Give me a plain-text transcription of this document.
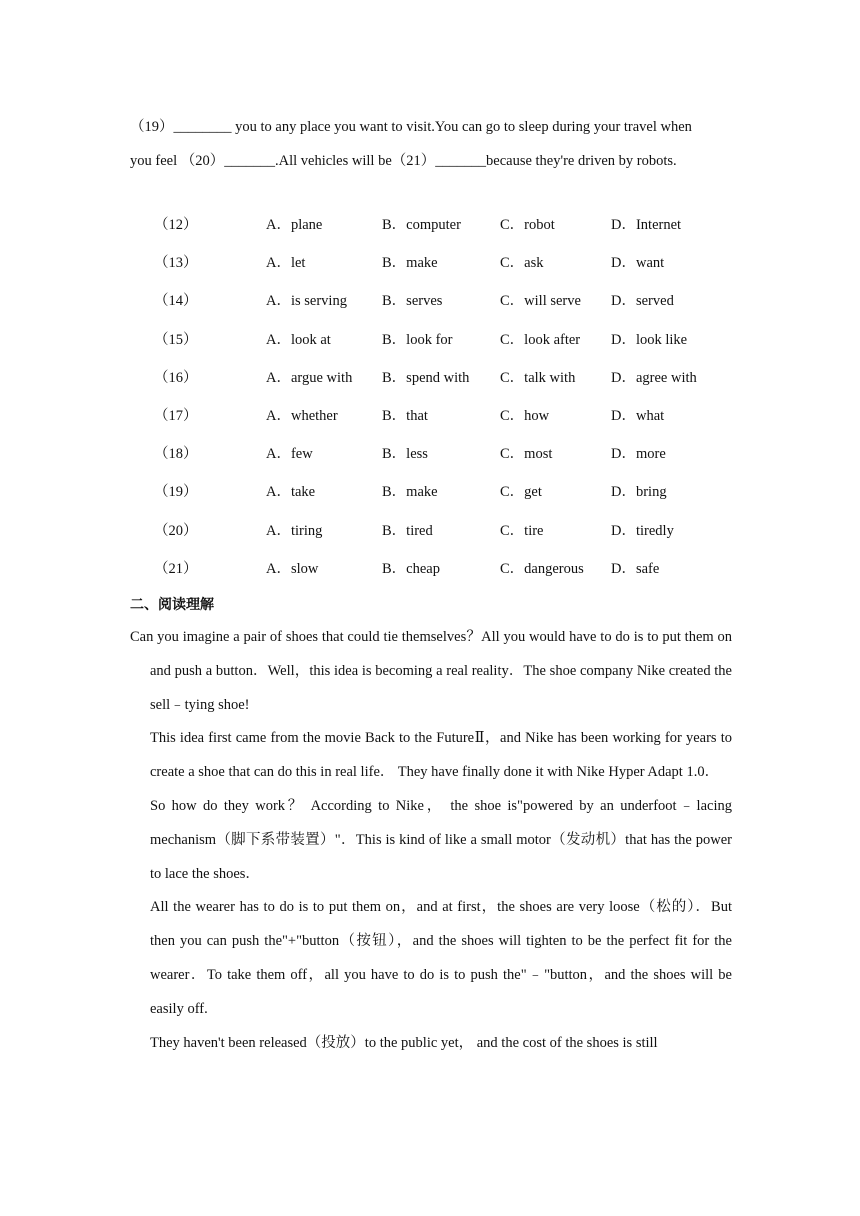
（19）________ you to any place you want to visit.You can go to sleep during your travel when

you feel （20）_______.All vehicles will be（21）_______because they're driven by robots.

（12）	A．plane	B．computer	C．robot	D．Internet
（13）	A．let	B．make	C．ask	D．want
（14）	A．is serving B．serves	C．will serve D．served
（15）	A．look at	B．look for	C．look after D．look like
（16）	A．argue with B．spend with C．talk with D．agree with
（17）	A．whether	B．that	C．how	D．what
（18）	A．few	B．less	C．most	D．more
（19）	A．take	B．make	C．get	D．bring
（20）	A．tiring	B．tired	C．tire	D．tiredly
（21）	A．slow	B．cheap	C．dangerous D．safe
二、阅读理解

Can you imagine a pair of shoes that could tie themselves？All you would have to do is to put them on and push a button．Well，this idea is becoming a real reality．The shoe company Nike created the sell﹣tying shoe!

This idea first came from the movie Back to the FutureⅡ，and Nike has been working for years to create a shoe that can do this in real life． They have finally done it with Nike Hyper Adapt 1.0．

So how do they work？ According to Nike， the shoe is"powered by an underfoot﹣lacing mechanism（脚下系带装置）"．This is kind of like a small motor（发动机）that has the power to lace the shoes．

All the wearer has to do is to put them on，and at first，the shoes are very loose（松的）．But then you can push the"+"button（按钮），and the shoes will tighten to be the perfect fit for the wearer．To take them off，all you have to do is to push the"﹣"button，and the shoes will be easily off.

They haven't been released（投放）to the public yet， and the cost of the shoes is still
